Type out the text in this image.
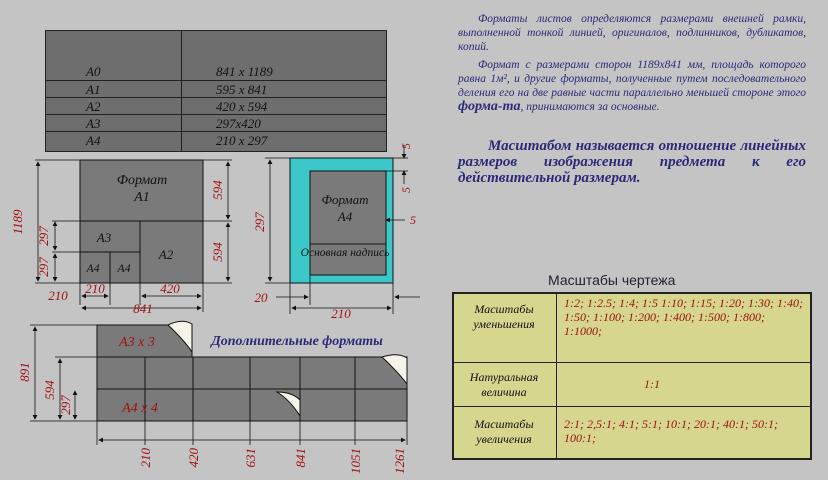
A0	841 x 1189
A1	595 x 841
A2	420 x 594
A3	297x420
A4	210 x 297
Форматы листов определяются размерами внешней рамки, выполненной тонкой линией, оригиналов, подлинников, дубликатов, копий.
Формат с размерами сторон 1189x841 мм, площадь которого равна 1м², и другие форматы, полученные путем последовательного деления его на две равные части параллельно меньшей стороне этого форма-та, принимаются за основные.
Масштабом называется отношение линейных размеров изображения предмета к его действительной размерам.
Формат
A1
A2
A3
A4 A4
1189
297
297
594
594
210 210	420
841
Формат
A4
Основная надпись
5
5
5
297
20
210
A3 x 3
A4 x 4
Дополнительные форматы
891
594
297
210	420	631	841	1051 1261
Масштабы чертежа
Масштабы уменьшения
1:2; 1:2.5; 1:4; 1:5 1:10; 1:15; 1:20; 1:30; 1:40; 1:50; 1:100; 1:200; 1:400; 1:500; 1:800; 1:1000;
Натуральная величина
1:1
Масштабы увеличения
2:1; 2,5:1; 4:1; 5:1; 10:1; 20:1; 40:1; 50:1; 100:1;
